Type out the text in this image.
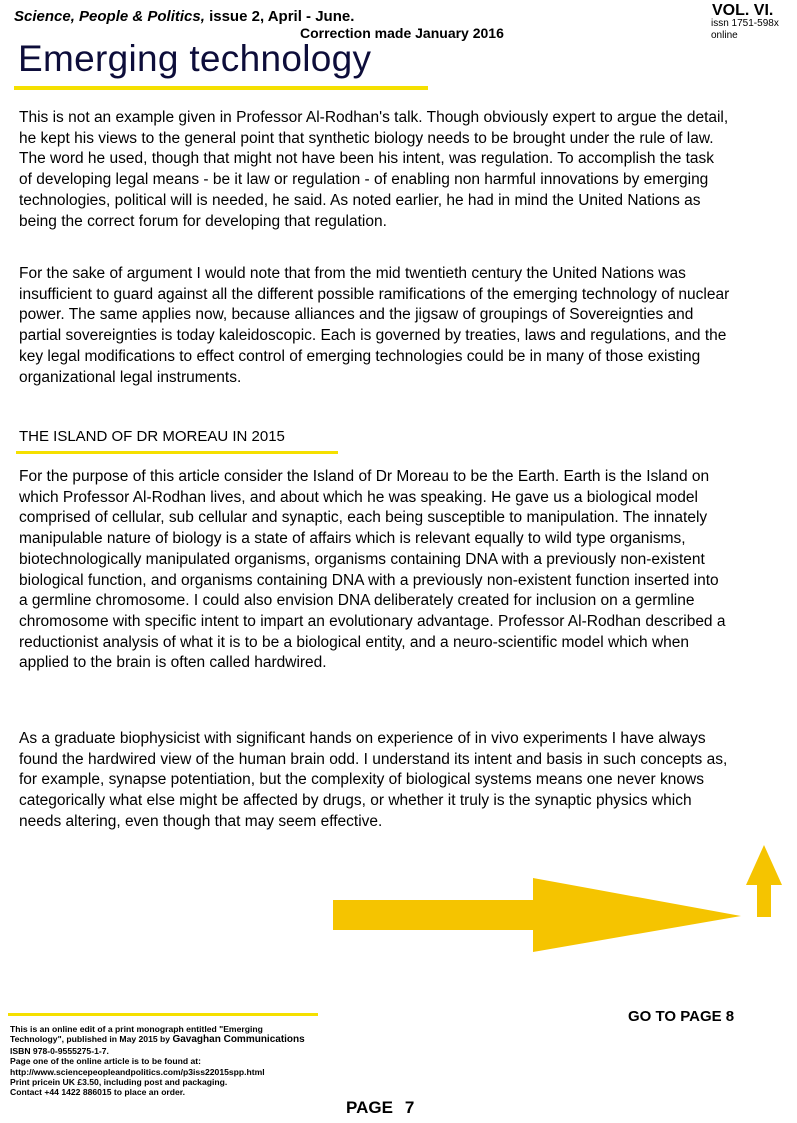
Science, People & Politics, issue 2, April - June.
Correction made January 2016
VOL. VI.
issn 1751-598x
online
Emerging technology
This is not an example given in Professor Al-Rodhan's talk. Though obviously expert to argue the detail, he kept his views to the general point that synthetic biology needs to be brought under the rule of law. The word he used, though that might not have been his intent, was regulation. To accomplish the task of developing legal means - be it law or regulation - of enabling non harmful innovations by emerging technologies, political will is needed, he said. As noted earlier, he had in mind the United Nations as being the correct forum for developing that regulation.
For the sake of argument I would note that from the mid twentieth century the United Nations was insufficient to guard against all the different possible ramifications of the emerging technology of nuclear power. The same applies now, because alliances and the jigsaw of groupings of Sovereignties and partial sovereignties is today kaleidoscopic. Each is governed by treaties, laws and regulations, and the key legal modifications to effect control of emerging technologies could be in many of those existing organizational legal instruments.
THE ISLAND OF DR MOREAU IN 2015
For the purpose of this article consider the Island of Dr Moreau to be the Earth. Earth is the Island on which Professor Al-Rodhan lives, and about which he was speaking. He gave us a biological model comprised of cellular, sub cellular and synaptic, each being susceptible to manipulation. The innately manipulable nature of biology is a state of affairs which is relevant equally to wild type organisms, biotechnologically manipulated organisms, organisms containing DNA with a previously non-existent biological function, and organisms containing DNA with a previously non-existent function inserted into a germline chromosome. I could also envision DNA deliberately created for inclusion on a germline chromosome with specific intent to impart an evolutionary advantage. Professor Al-Rodhan described a reductionist analysis of what it is to be a biological entity, and a neuro-scientific model which when applied to the brain is often called hardwired.
As a graduate biophysicist with significant hands on experience of in vivo experiments I have always found the hardwired view of the human brain odd. I understand its intent and basis in such concepts as, for example, synapse potentiation, but the complexity of biological systems means one never knows categorically what else might be affected by drugs, or whether it truly is the synaptic physics which needs altering, even though that may seem effective.
GO TO PAGE 8
This is an online edit of a print monograph entitled "Emerging
Technology", published in May 2015 by Gavaghan Communications
ISBN 978-0-9555275-1-7.
Page one of the online article is to be found at:
http://www.sciencepeopleandpolitics.com/p3iss22015spp.html
Print pricein UK £3.50, including post and packaging.
Contact +44 1422 886015 to place an order.
PAGE 7
